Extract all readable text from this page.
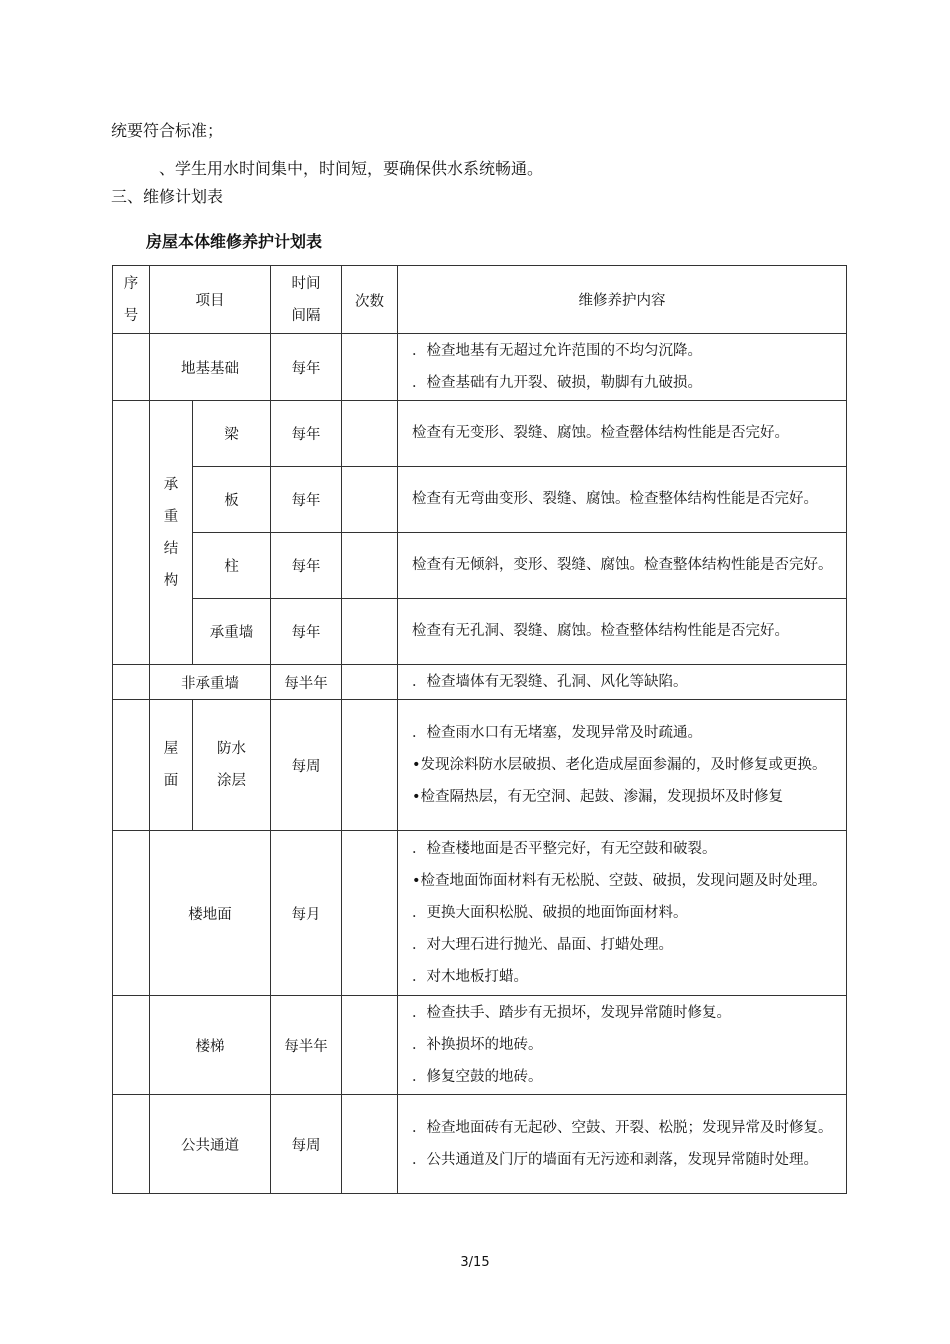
统要符合标准；
、学生用水时间集中，时间短，要确保供水系统畅通。
三、维修计划表
房屋本体维修养护计划表
序号	项目		时间间隔	次数	维修养护内容
	地基基础		每年		．检查地基有无超过允许范围的不均匀沉降。

．检查基础有九开裂、破损，勒脚有九破损。

	承重结构	梁	每年		检查有无变形、裂缝、腐蚀。检查罄体结构性能是否完好。

		板	每年		检查有无弯曲变形、裂缝、腐蚀。检查整体结构性能是否完好。

		柱	每年		检查有无倾斜，变形、裂缝、腐蚀。检查整体结构性能是否完好。

		承重墙	每年		检查有无孔洞、裂缝、腐蚀。检查整体结构性能是否完好。

	非承重墙		每半年		．检查墙体有无裂缝、孔洞、风化等缺陷。

	屋面	防水涂层	每周		．检查雨水口有无堵塞，发现异常及时疏通。

•发现涂料防水层破损、老化造成屋面参漏的，及时修复或更换。

•检查隔热层，有无空洞、起鼓、渗漏，发现损坏及时修复

	楼地面		每月		．检查楼地面是否平整完好，有无空鼓和破裂。

•检查地面饰面材料有无松脱、空鼓、破损，发现问题及时处理。

．更换大面积松脱、破损的地面饰面材料。

．对大理石进行抛光、晶面、打蜡处理。

．对木地板打蜡。

	楼梯		每半年		．检查扶手、踏步有无损坏，发现异常随时修复。

．补换损坏的地砖。

．修复空鼓的地砖。

	公共通道		每周		．检查地面砖有无起砂、空鼓、开裂、松脱；发现异常及时修复。

．公共通道及门厅的墙面有无污迹和剥落，发现异常随时处理。

3/15
